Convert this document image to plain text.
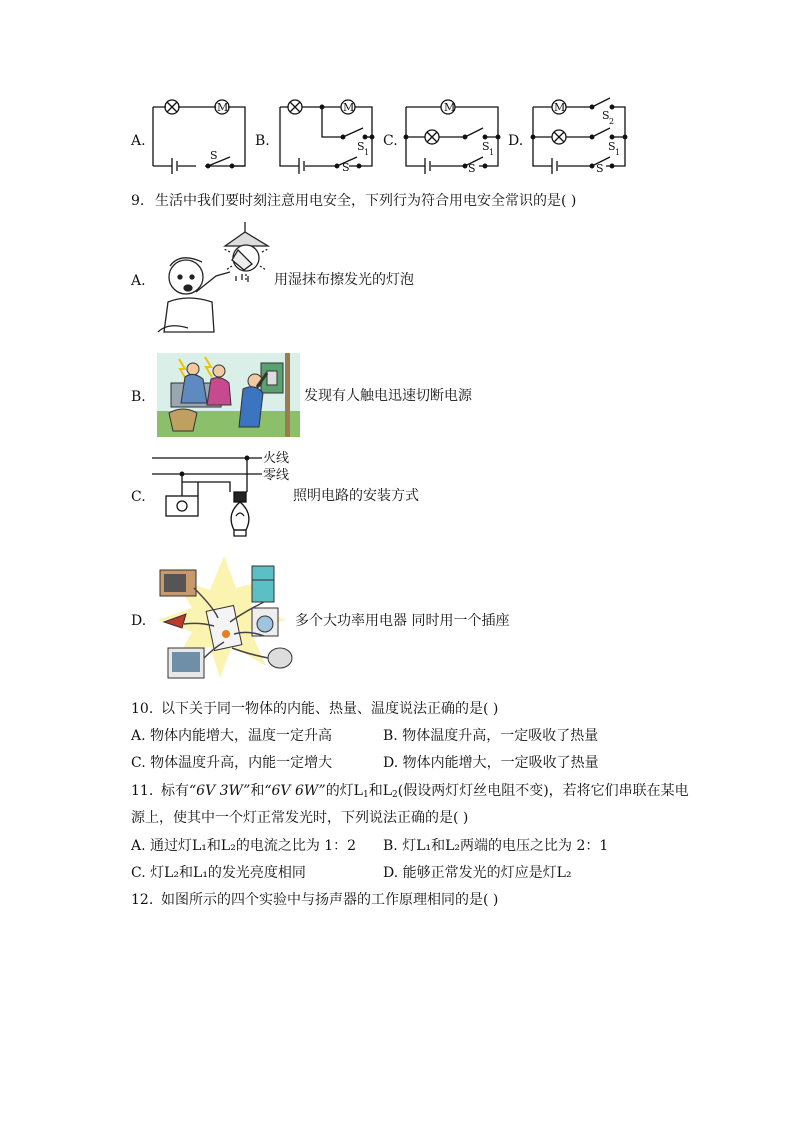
A.	B.	C.	D.
M
S
M
S 1
S
M
S 1
S
M
S 2
S 1
S
9. 生活中我们要时刻注意用电安全，下列行为符合用电安全常识的是( )
A.	用湿抹布擦发光的灯泡
B.	发现有人触电迅速切断电源
C.
火线
零线
照明电路的安装方式
D.	多个大功率用电器 同时用一个插座
10. 以下关于同一物体的内能、热量、温度说法正确的是( )
A. 物体内能增大，温度一定升高	B. 物体温度升高，一定吸收了热量
C. 物体温度升高，内能一定增大	D. 物体内能增大，一定吸收了热量
11. 标有“6V 3W”和“6V 6W”的灯$L_1$和$L_2$(假设两灯灯丝电阻不变)，若将它们串联在某电
源上，使其中一个灯正常发光时，下列说法正确的是( )
A. 通过灯L₁和L₂的电流之比为 1：2 B. 灯L₁和L₂两端的电压之比为 2：1
C. 灯L₂和L₁的发光亮度相同	D. 能够正常发光的灯应是灯L₂
12. 如图所示的四个实验中与扬声器的工作原理相同的是( )
